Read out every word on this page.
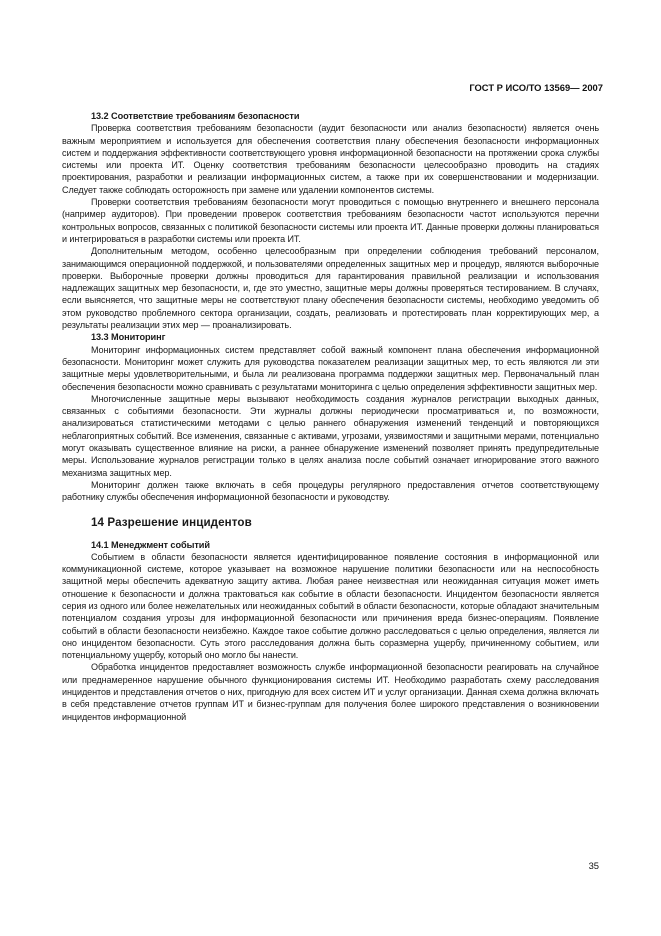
ГОСТ Р ИСО/ТО 13569— 2007
13.2 Соответствие требованиям безопасности

Проверка соответствия требованиям безопасности (аудит безопасности или анализ безопасности) является очень важным мероприятием и используется для обеспечения соответствия плану обеспечения безопасности информационных систем и поддержания эффективности соответствующего уровня информационной безопасности на протяжении срока службы системы или проекта ИТ. Оценку соответствия требованиям безопасности целесообразно проводить на стадиях проектирования, разработки и реализации информационных систем, а также при их совершенствовании и модернизации. Следует также соблюдать осторожность при замене или удалении компонентов системы.

Проверки соответствия требованиям безопасности могут проводиться с помощью внутреннего и внешнего персонала (например аудиторов). При проведении проверок соответствия требованиям безопасности частот используются перечни контрольных вопросов, связанных с политикой безопасности системы или проекта ИТ. Данные проверки должны планироваться и интегрироваться в разработки системы или проекта ИТ.

Дополнительным методом, особенно целесообразным при определении соблюдения требований персоналом, занимающимся операционной поддержкой, и пользователями определенных защитных мер и процедур, являются выборочные проверки. Выборочные проверки должны проводиться для гарантирования правильной реализации и использования надлежащих защитных мер безопасности, и, где это уместно, защитные меры должны проверяться тестированием. В случаях, если выясняется, что защитные меры не соответствуют плану обеспечения безопасности системы, необходимо уведомить об этом руководство проблемного сектора организации, создать, реализовать и протестировать план корректирующих мер, а результаты реализации этих мер — проанализировать.

13.3 Мониторинг

Мониторинг информационных систем представляет собой важный компонент плана обеспечения информационной безопасности. Мониторинг может служить для руководства показателем реализации защитных мер, то есть являются ли эти защитные меры удовлетворительными, и была ли реализована программа поддержки защитных мер. Первоначальный план обеспечения безопасности можно сравнивать с результатами мониторинга с целью определения эффективности защитных мер.

Многочисленные защитные меры вызывают необходимость создания журналов регистрации выходных данных, связанных с событиями безопасности. Эти журналы должны периодически просматриваться и, по возможности, анализироваться статистическими методами с целью раннего обнаружения изменений тенденций и повторяющихся неблагоприятных событий. Все изменения, связанные с активами, угрозами, уязвимостями и защитными мерами, потенциально могут оказывать существенное влияние на риски, а раннее обнаружение изменений позволяет принять предупредительные меры. Использование журналов регистрации только в целях анализа после событий означает игнорирование этого важного механизма защитных мер.

Мониторинг должен также включать в себя процедуры регулярного предоставления отчетов соответствующему работнику службы обеспечения информационной безопасности и руководству.

14 Разрешение инцидентов
14.1 Менеджмент событий

Событием в области безопасности является идентифицированное появление состояния в информационной или коммуникационной системе, которое указывает на возможное нарушение политики безопасности или на неспособность защитной меры обеспечить адекватную защиту актива. Любая ранее неизвестная или неожиданная ситуация может иметь отношение к безопасности и должна трактоваться как событие в области безопасности. Инцидентом безопасности является серия из одного или более нежелательных или неожиданных событий в области безопасности, которые обладают значительным потенциалом создания угрозы для информационной безопасности или причинения вреда бизнес-операциям. Появление событий в области безопасности неизбежно. Каждое такое событие должно расследоваться с целью определения, является ли оно инцидентом безопасности. Суть этого расследования должна быть соразмерна ущербу, причиненному событием, или потенциальному ущербу, который оно могло бы нанести.

Обработка инцидентов предоставляет возможность службе информационной безопасности реагировать на случайное или преднамеренное нарушение обычного функционирования системы ИТ. Необходимо разработать схему расследования инцидентов и представления отчетов о них, пригодную для всех систем ИТ и услуг организации. Данная схема должна включать в себя представление отчетов группам ИТ и бизнес-группам для получения более широкого представления о возникновении инцидентов информационной

35
